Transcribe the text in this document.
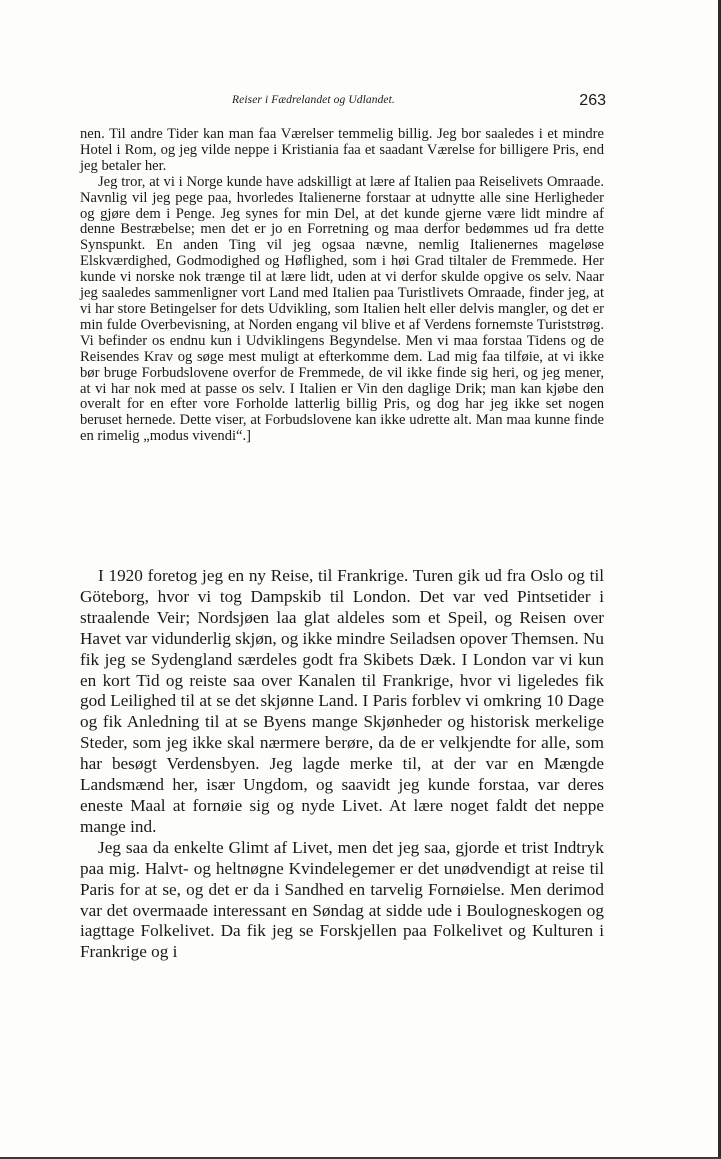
Reiser i Fædrelandet og Udlandet.	263

nen. Til andre Tider kan man faa Værelser temmelig billig. Jeg bor saaledes i et mindre Hotel i Rom, og jeg vilde neppe i Kristiania faa et saadant Værelse for billigere Pris, end jeg betaler her.

Jeg tror, at vi i Norge kunde have adskilligt at lære af Italien paa Reiselivets Omraade. Navnlig vil jeg pege paa, hvorledes Italienerne forstaar at udnytte alle sine Herligheder og gjøre dem i Penge. Jeg synes for min Del, at det kunde gjerne være lidt mindre af denne Bestræbelse; men det er jo en Forretning og maa derfor bedømmes ud fra dette Synspunkt. En anden Ting vil jeg ogsaa nævne, nemlig Italienernes mageløse Elskværdighed, Godmodighed og Høflighed, som i høi Grad tiltaler de Fremmede. Her kunde vi norske nok trænge til at lære lidt, uden at vi derfor skulde opgive os selv. Naar jeg saaledes sammenligner vort Land med Italien paa Turistlivets Omraade, finder jeg, at vi har store Betingelser for dets Udvikling, som Italien helt eller delvis mangler, og det er min fulde Overbevisning, at Norden engang vil blive et af Verdens fornemste Turiststrøg. Vi befinder os endnu kun i Udviklingens Begyndelse. Men vi maa forstaa Tidens og de Reisendes Krav og søge mest muligt at efterkomme dem. Lad mig faa tilføie, at vi ikke bør bruge Forbudslovene overfor de Fremmede, de vil ikke finde sig heri, og jeg mener, at vi har nok med at passe os selv. I Italien er Vin den daglige Drik; man kan kjøbe den overalt for en efter vore Forholde latterlig billig Pris, og dog har jeg ikke set nogen beruset hernede. Dette viser, at Forbudslovene kan ikke udrette alt. Man maa kunne finde en rimelig „modus vivendi“.]

I 1920 foretog jeg en ny Reise, til Frankrige. Turen gik ud fra Oslo og til Göteborg, hvor vi tog Dampskib til London. Det var ved Pintsetider i straalende Veir; Nordsjøen laa glat aldeles som et Speil, og Reisen over Havet var vidunderlig skjøn, og ikke mindre Seiladsen opover Themsen. Nu fik jeg se Sydengland særdeles godt fra Skibets Dæk. I London var vi kun en kort Tid og reiste saa over Kanalen til Frankrige, hvor vi ligeledes fik god Leilighed til at se det skjønne Land. I Paris forblev vi omkring 10 Dage og fik Anledning til at se Byens mange Skjønheder og historisk merkelige Steder, som jeg ikke skal nærmere berøre, da de er velkjendte for alle, som har besøgt Verdensbyen. Jeg lagde merke til, at der var en Mængde Landsmænd her, især Ungdom, og saavidt jeg kunde forstaa, var deres eneste Maal at fornøie sig og nyde Livet. At lære noget faldt det neppe mange ind.

Jeg saa da enkelte Glimt af Livet, men det jeg saa, gjorde et trist Indtryk paa mig. Halvt- og heltnøgne Kvindelegemer er det unødvendigt at reise til Paris for at se, og det er da i Sandhed en tarvelig Fornøielse. Men derimod var det overmaade interessant en Søndag at sidde ude i Boulogneskogen og iagttage Folkelivet. Da fik jeg se Forskjellen paa Folkelivet og Kulturen i Frankrige og i
